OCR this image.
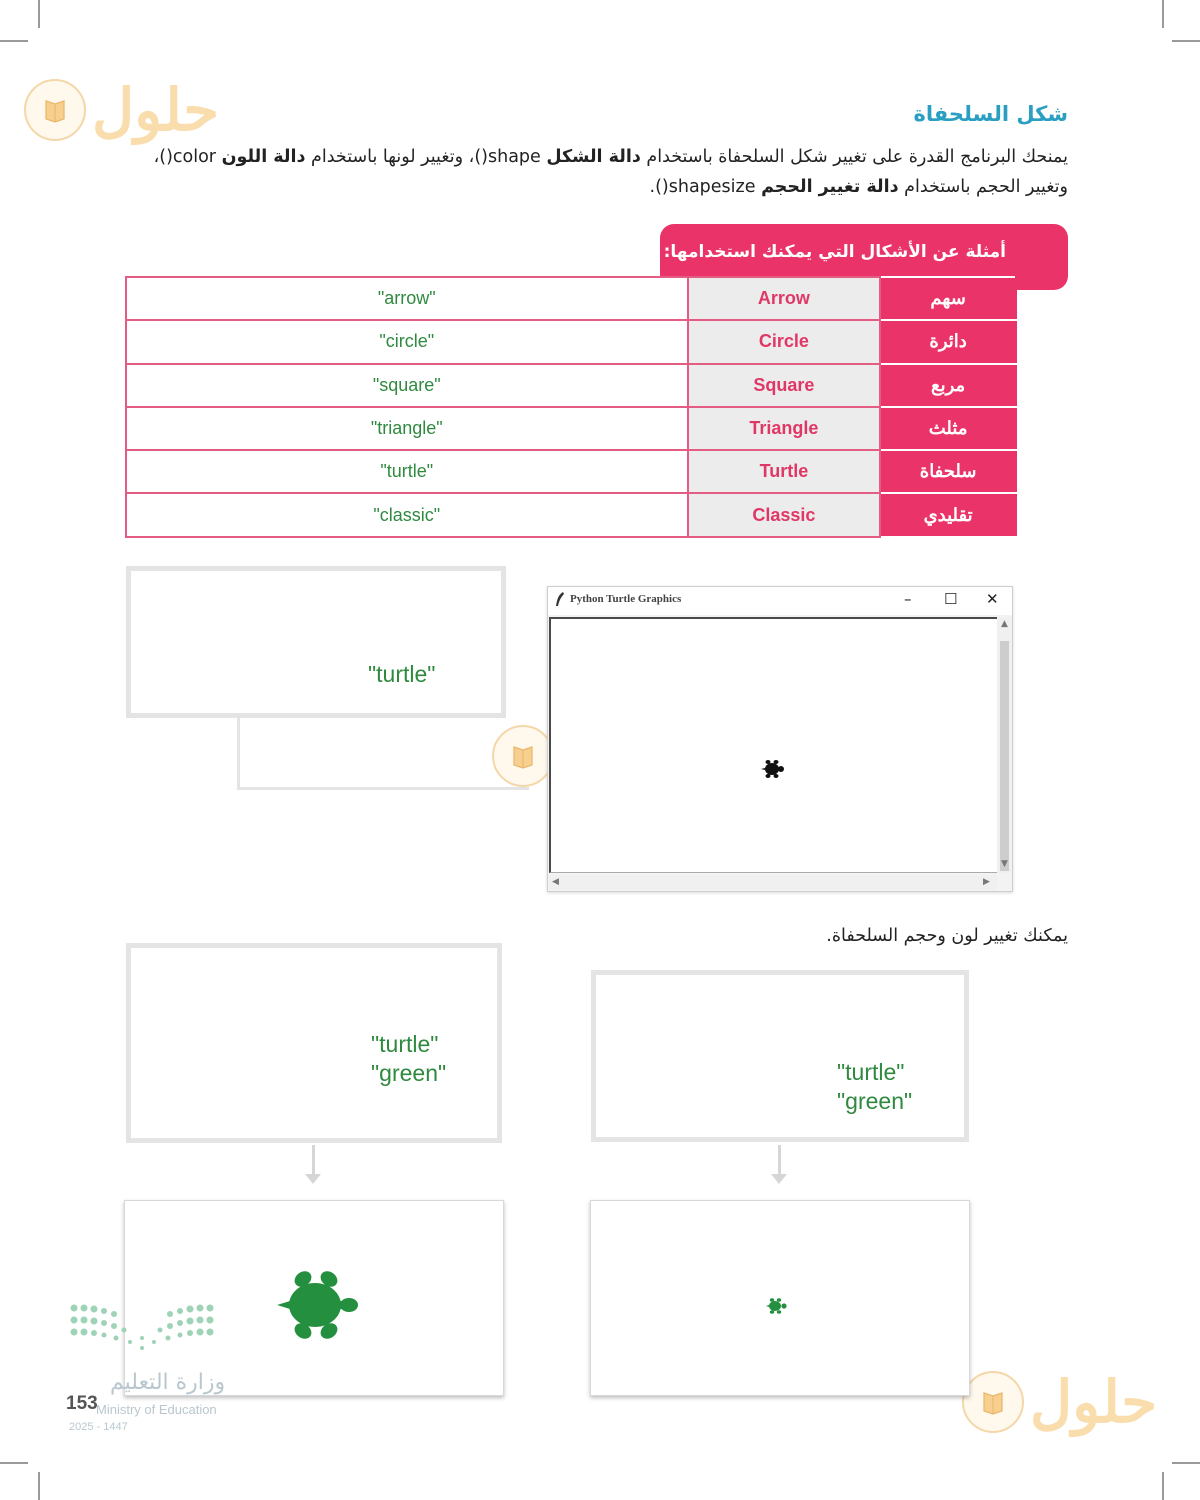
حلول
حلول
شكل السلحفاة
يمنحك البرنامج القدرة على تغيير شكل السلحفاة باستخدام دالة الشكل shape()، وتغيير لونها باستخدام دالة اللون color()، وتغيير الحجم باستخدام دالة تغيير الحجم shapesize().
أمثلة عن الأشكال التي يمكنك استخدامها:
"arrow"	Arrow	سهم
"circle"	Circle	دائرة
"square"	Square	مربع
"triangle"	Triangle	مثلث
"turtle"	Turtle	سلحفاة
"classic"	Classic	تقليدي
"turtle"
Python Turtle Graphics	– ☐ ✕
▲
▼
◀	▶
يمكنك تغيير لون وحجم السلحفاة.
"turtle"
"green"	"turtle"
"green"
وزارة التعليم
Ministry of Education
153
2025 - 1447
